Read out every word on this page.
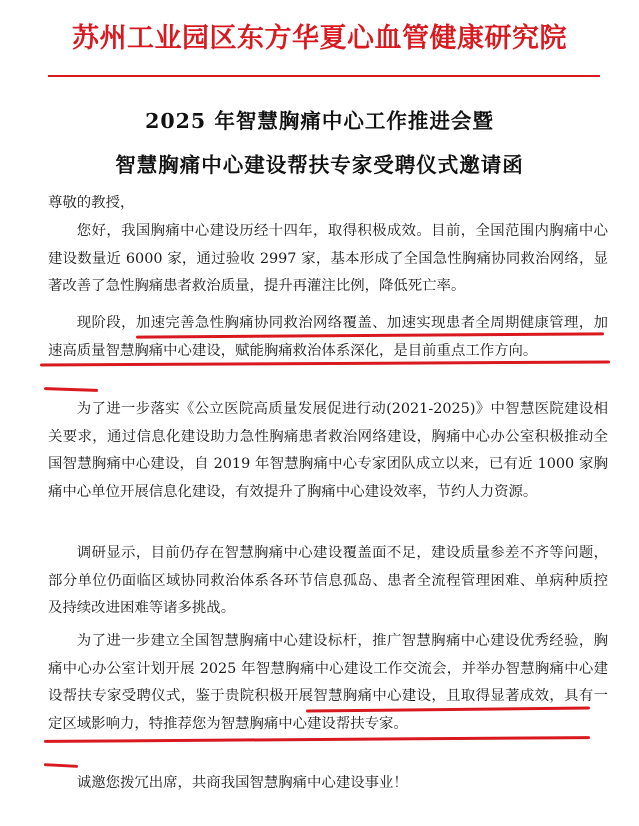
苏州工业园区东方华夏心血管健康研究院
2025 年智慧胸痛中心工作推进会暨
智慧胸痛中心建设帮扶专家受聘仪式邀请函
尊敬的教授，
您好，我国胸痛中心建设历经十四年，取得积极成效。目前，全国范围内胸痛中心建设数量近 6000 家，通过验收 2997 家，基本形成了全国急性胸痛协同救治网络，显著改善了急性胸痛患者救治质量，提升再灌注比例，降低死亡率。
现阶段，加速完善急性胸痛协同救治网络覆盖、加速实现患者全周期健康管理，加速高质量智慧胸痛中心建设，赋能胸痛救治体系深化，是目前重点工作方向。
为了进一步落实《公立医院高质量发展促进行动(2021-2025)》中智慧医院建设相关要求，通过信息化建设助力急性胸痛患者救治网络建设，胸痛中心办公室积极推动全国智慧胸痛中心建设，自 2019 年智慧胸痛中心专家团队成立以来，已有近 1000 家胸痛中心单位开展信息化建设，有效提升了胸痛中心建设效率，节约人力资源。
调研显示，目前仍存在智慧胸痛中心建设覆盖面不足，建设质量参差不齐等问题，部分单位仍面临区域协同救治体系各环节信息孤岛、患者全流程管理困难、单病种质控及持续改进困难等诸多挑战。
为了进一步建立全国智慧胸痛中心建设标杆，推广智慧胸痛中心建设优秀经验，胸痛中心办公室计划开展 2025 年智慧胸痛中心建设工作交流会，并举办智慧胸痛中心建设帮扶专家受聘仪式，鉴于贵院积极开展智慧胸痛中心建设，且取得显著成效，具有一定区域影响力，特推荐您为智慧胸痛中心建设帮扶专家。
诚邀您拨冗出席，共商我国智慧胸痛中心建设事业！
